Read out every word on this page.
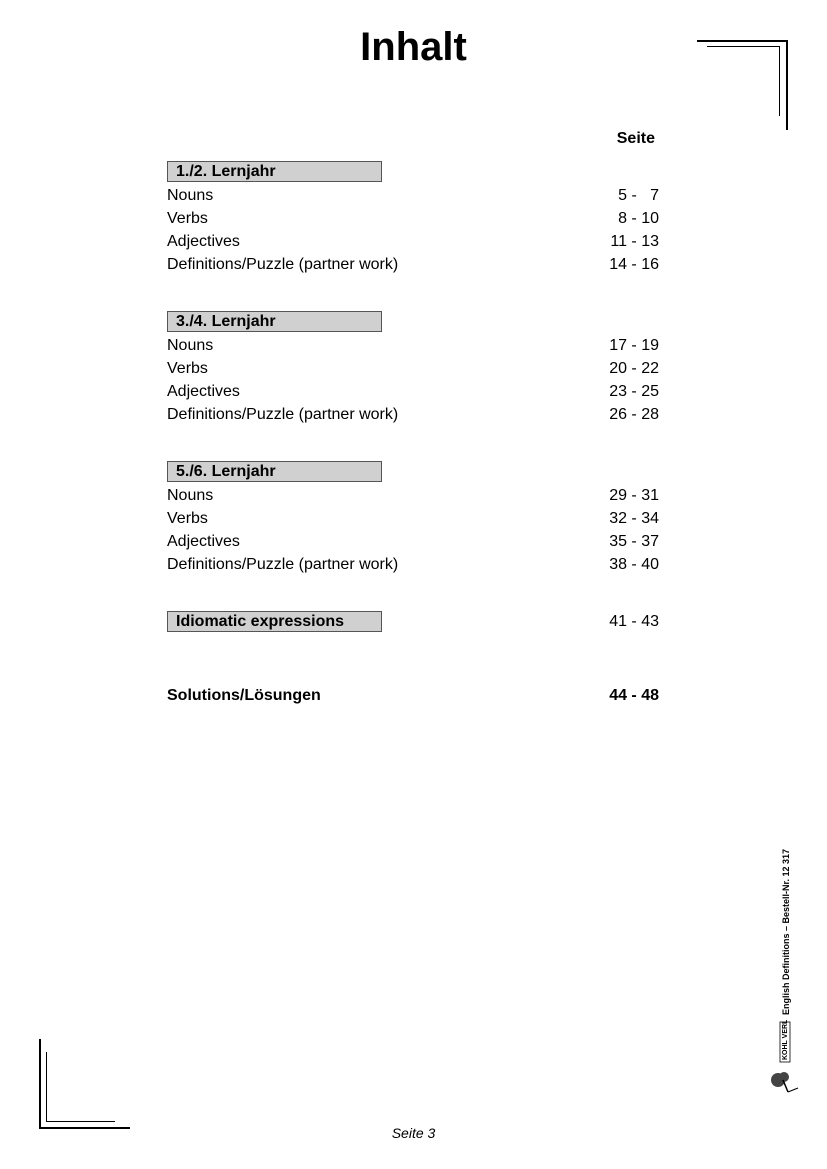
Inhalt
Seite
1./2. Lernjahr
Nouns	5 -   7
Verbs	8 - 10
Adjectives	11 - 13
Definitions/Puzzle (partner work)	14 - 16
3./4. Lernjahr
Nouns	17 - 19
Verbs	20 - 22
Adjectives	23 - 25
Definitions/Puzzle (partner work)	26 - 28
5./6. Lernjahr
Nouns	29 - 31
Verbs	32 - 34
Adjectives	35 - 37
Definitions/Puzzle (partner work)	38 - 40
Idiomatic expressions	41 - 43
Solutions/Lösungen	44 - 48
English Definitions – Bestell-Nr. 12 317
KOHL VERLAG
Seite 3
